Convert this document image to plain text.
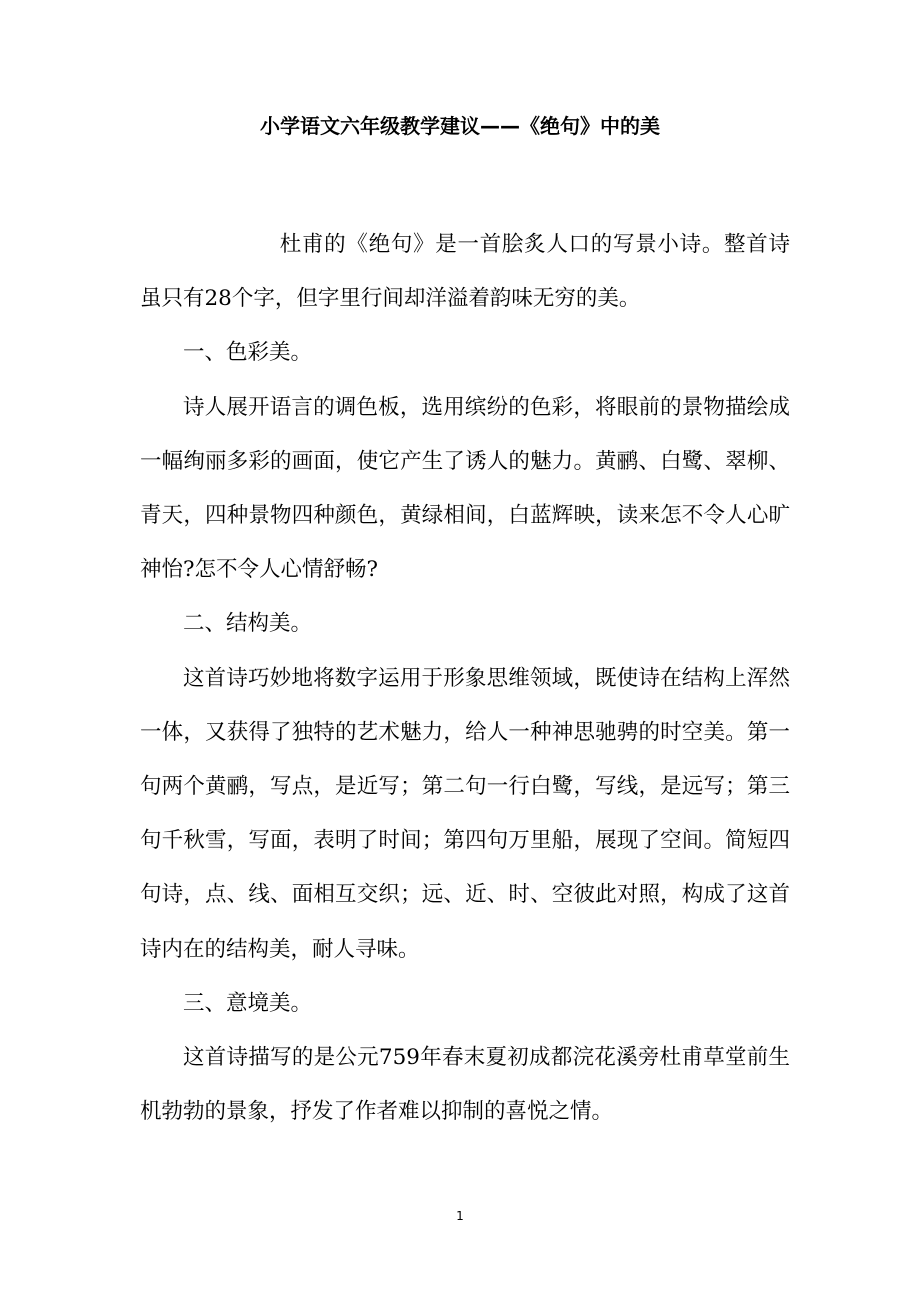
小学语文六年级教学建议——《绝句》中的美

杜甫的《绝句》是一首脍炙人口的写景小诗。整首诗虽只有28个字，但字里行间却洋溢着韵味无穷的美。

一、色彩美。

诗人展开语言的调色板，选用缤纷的色彩，将眼前的景物描绘成一幅绚丽多彩的画面，使它产生了诱人的魅力。黄鹂、白鹭、翠柳、青天，四种景物四种颜色，黄绿相间，白蓝辉映，读来怎不令人心旷神怡?怎不令人心情舒畅?

二、结构美。

这首诗巧妙地将数字运用于形象思维领域，既使诗在结构上浑然一体，又获得了独特的艺术魅力，给人一种神思驰骋的时空美。第一句两个黄鹂，写点，是近写；第二句一行白鹭，写线，是远写；第三句千秋雪，写面，表明了时间；第四句万里船，展现了空间。简短四句诗，点、线、面相互交织；远、近、时、空彼此对照，构成了这首诗内在的结构美，耐人寻味。

三、意境美。

这首诗描写的是公元759年春末夏初成都浣花溪旁杜甫草堂前生机勃勃的景象，抒发了作者难以抑制的喜悦之情。

1
